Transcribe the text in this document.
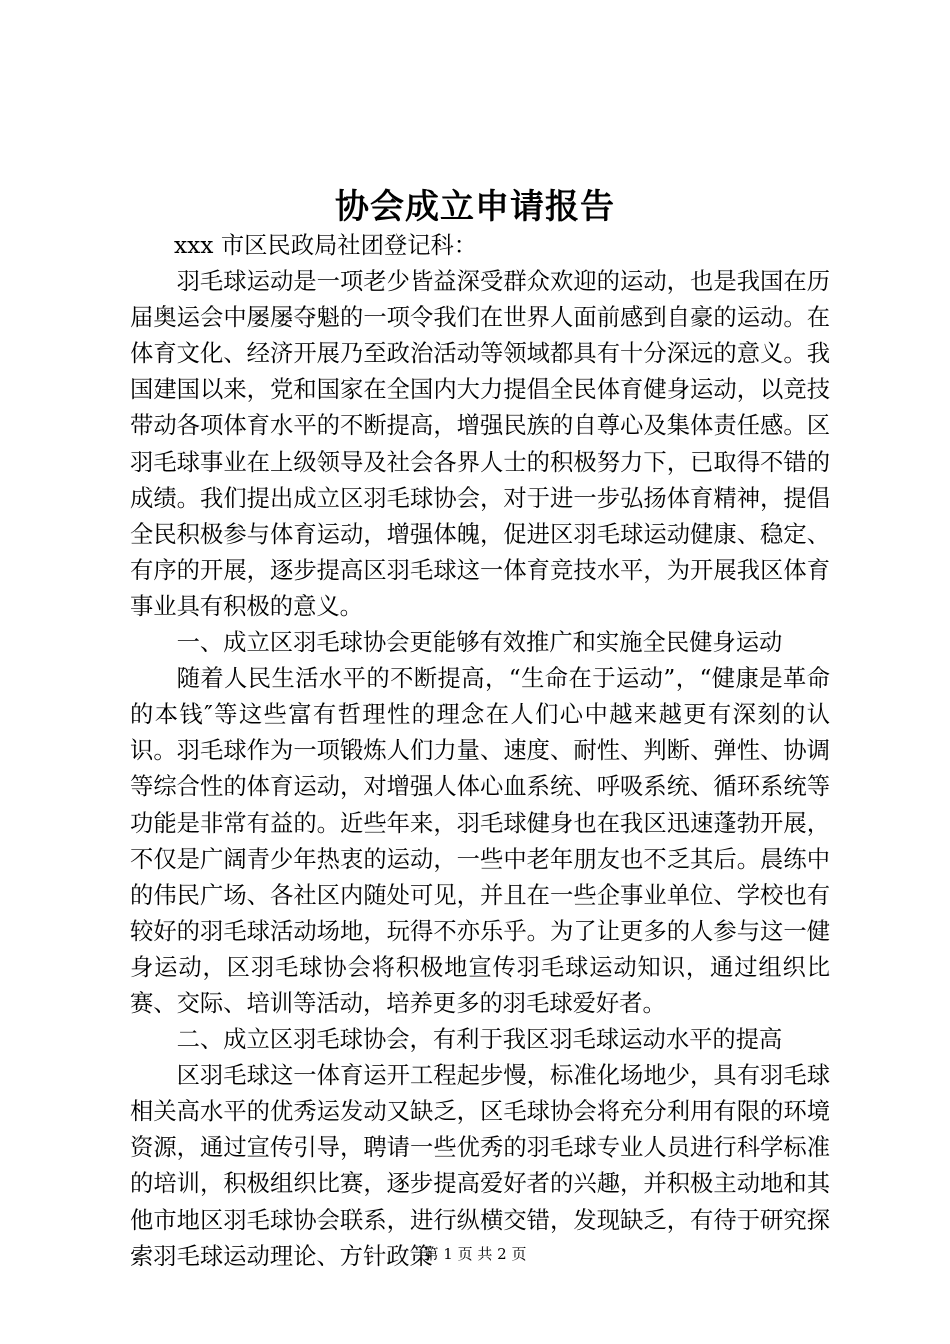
协会成立申请报告

xxx 市区民政局社团登记科：

羽毛球运动是一项老少皆益深受群众欢迎的运动，也是我国在历届奥运会中屡屡夺魁的一项令我们在世界人面前感到自豪的运动。在体育文化、经济开展乃至政治活动等领域都具有十分深远的意义。我国建国以来，党和国家在全国内大力提倡全民体育健身运动，以竞技带动各项体育水平的不断提高，增强民族的自尊心及集体责任感。区羽毛球事业在上级领导及社会各界人士的积极努力下，已取得不错的成绩。我们提出成立区羽毛球协会，对于进一步弘扬体育精神，提倡全民积极参与体育运动，增强体魄，促进区羽毛球运动健康、稳定、有序的开展，逐步提高区羽毛球这一体育竞技水平，为开展我区体育事业具有积极的意义。

一、成立区羽毛球协会更能够有效推广和实施全民健身运动

随着人民生活水平的不断提高，“生命在于运动”，“健康是革命的本钱″等这些富有哲理性的理念在人们心中越来越更有深刻的认识。羽毛球作为一项锻炼人们力量、速度、耐性、判断、弹性、协调等综合性的体育运动，对增强人体心血系统、呼吸系统、循环系统等功能是非常有益的。近些年来，羽毛球健身也在我区迅速蓬勃开展，不仅是广阔青少年热衷的运动，一些中老年朋友也不乏其后。晨练中的伟民广场、各社区内随处可见，并且在一些企事业单位、学校也有较好的羽毛球活动场地，玩得不亦乐乎。为了让更多的人参与这一健身运动，区羽毛球协会将积极地宣传羽毛球运动知识，通过组织比赛、交际、培训等活动，培养更多的羽毛球爱好者。

二、成立区羽毛球协会，有利于我区羽毛球运动水平的提高

区羽毛球这一体育运开工程起步慢，标准化场地少，具有羽毛球相关高水平的优秀运发动又缺乏，区毛球协会将充分利用有限的环境资源，通过宣传引导，聘请一些优秀的羽毛球专业人员进行科学标准的培训，积极组织比赛，逐步提高爱好者的兴趣，并积极主动地和其他市地区羽毛球协会联系，进行纵横交错，发现缺乏，有待于研究探索羽毛球运动理论、方针政策

第 1 页 共 2 页
